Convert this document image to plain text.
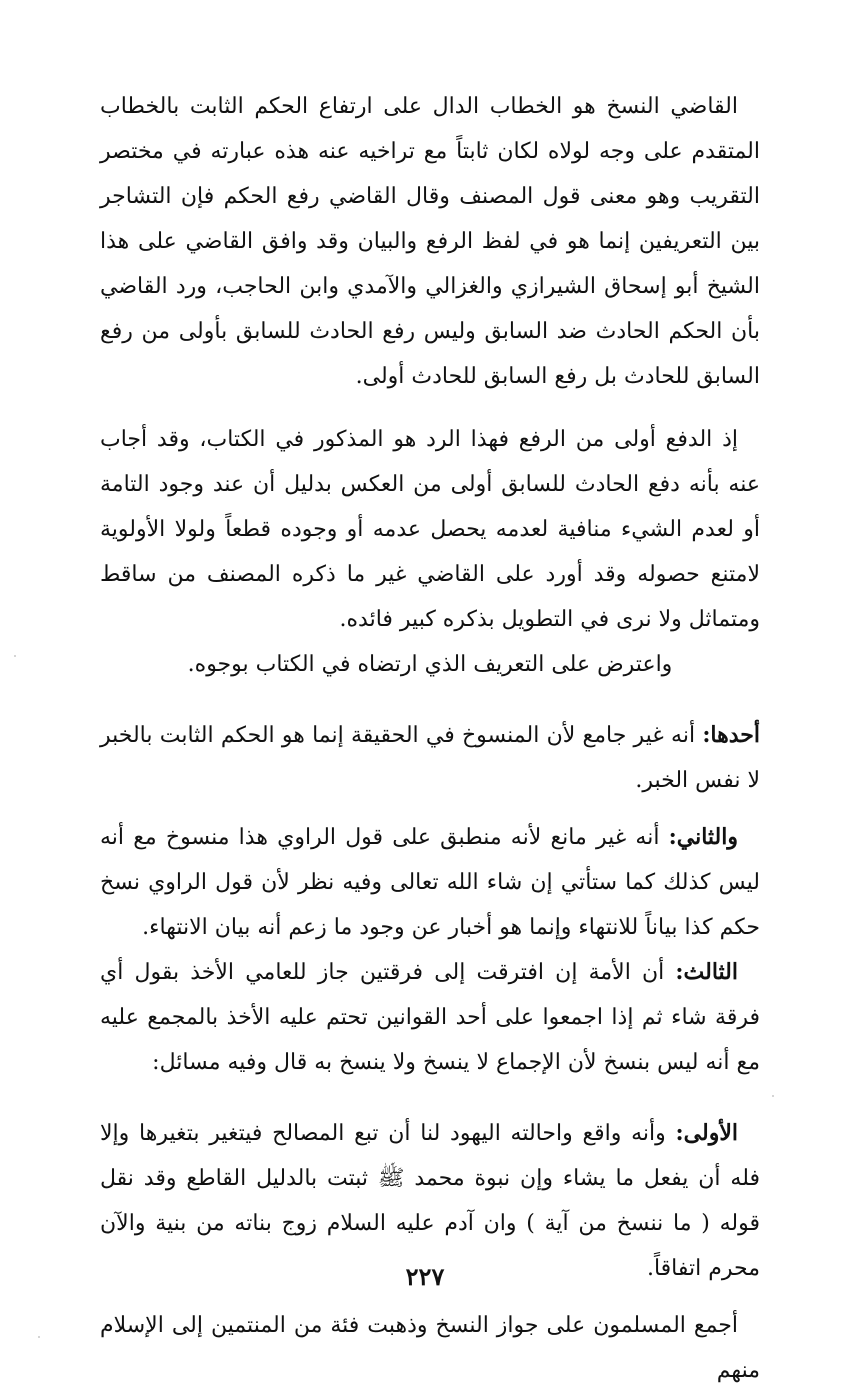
القاضي النسخ هو الخطاب الدال على ارتفاع الحكم الثابت بالخطاب المتقدم على وجه لولاه لكان ثابتاً مع تراخيه عنه هذه عبارته في مختصر التقريب وهو معنى قول المصنف وقال القاضي رفع الحكم فإن التشاجر بين التعريفين إنما هو في لفظ الرفع والبيان وقد وافق القاضي على هذا الشيخ أبو إسحاق الشيرازي والغزالي والآمدي وابن الحاجب، ورد القاضي بأن الحكم الحادث ضد السابق وليس رفع الحادث للسابق بأولى من رفع السابق للحادث بل رفع السابق للحادث أولى.

إذ الدفع أولى من الرفع فهذا الرد هو المذكور في الكتاب، وقد أجاب عنه بأنه دفع الحادث للسابق أولى من العكس بدليل أن عند وجود التامة أو لعدم الشيء منافية لعدمه يحصل عدمه أو وجوده قطعاً ولولا الأولوية لامتنع حصوله وقد أورد على القاضي غير ما ذكره المصنف من ساقط ومتماثل ولا نرى في التطويل بذكره كبير فائده.

واعترض على التعريف الذي ارتضاه في الكتاب بوجوه.

أحدها: أنه غير جامع لأن المنسوخ في الحقيقة إنما هو الحكم الثابت بالخبر لا نفس الخبر.

والثاني: أنه غير مانع لأنه منطبق على قول الراوي هذا منسوخ مع أنه ليس كذلك كما ستأتي إن شاء الله تعالى وفيه نظر لأن قول الراوي نسخ حكم كذا بياناً للانتهاء وإنما هو أخبار عن وجود ما زعم أنه بيان الانتهاء.

الثالث: أن الأمة إن افترقت إلى فرقتين جاز للعامي الأخذ بقول أي فرقة شاء ثم إذا اجمعوا على أحد القوانين تحتم عليه الأخذ بالمجمع عليه مع أنه ليس بنسخ لأن الإجماع لا ينسخ ولا ينسخ به قال وفيه مسائل:

الأولى: وأنه واقع واحالته اليهود لنا أن تبع المصالح فيتغير بتغيرها وإلا فله أن يفعل ما يشاء وإن نبوة محمد ﷺ ثبتت بالدليل القاطع وقد نقل قوله ( ما ننسخ من آية ) وان آدم عليه السلام زوج بناته من بنية والآن محرم اتفاقاً.

أجمع المسلمون على جواز النسخ وذهبت فئة من المنتمين إلى الإسلام منهم

٢٢٧
